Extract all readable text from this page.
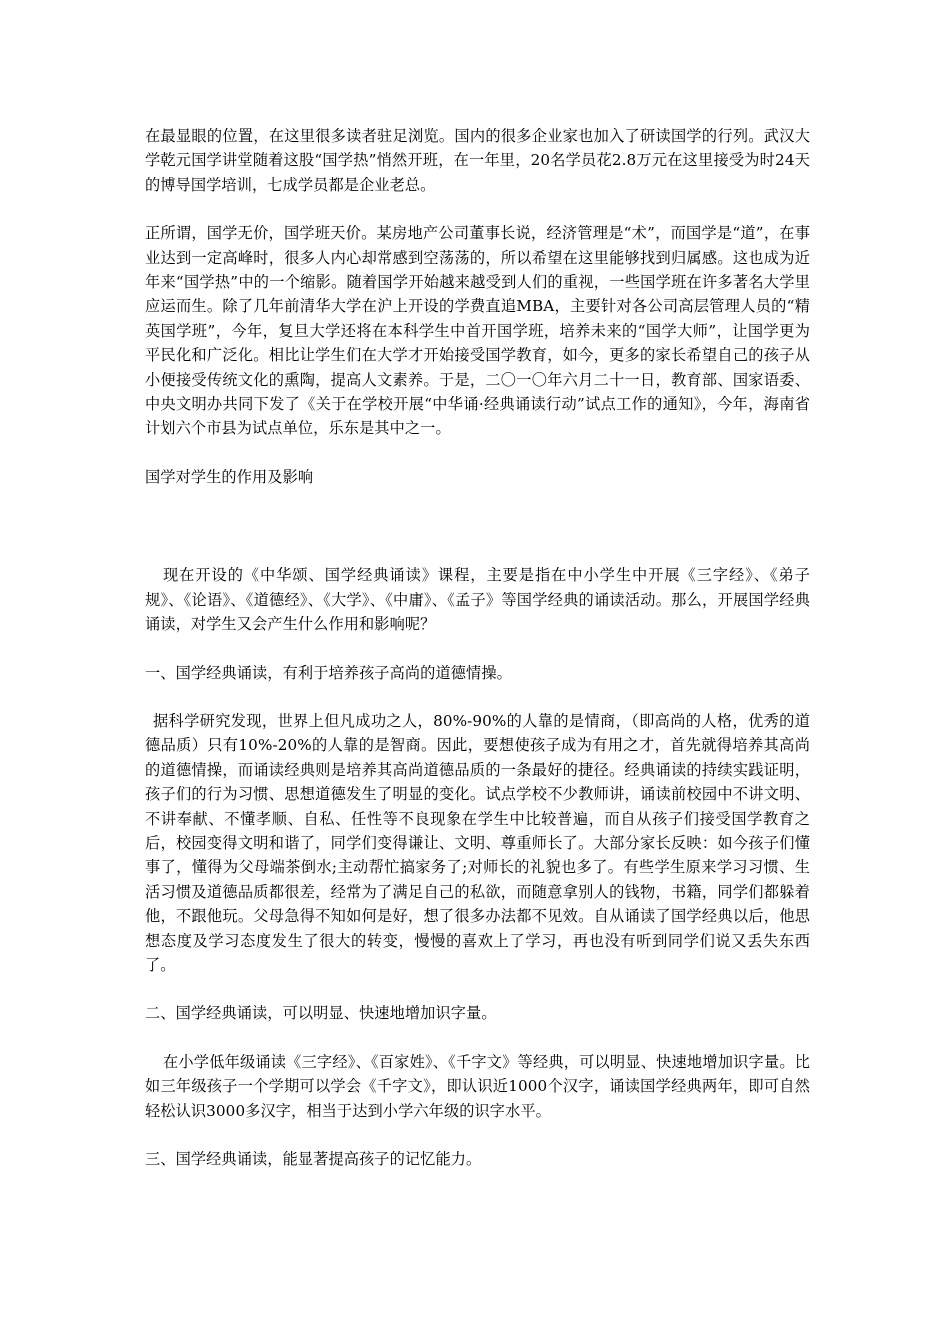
在最显眼的位置，在这里很多读者驻足浏览。国内的很多企业家也加入了研读国学的行列。武汉大学乾元国学讲堂随着这股“国学热”悄然开班，在一年里，20名学员花2.8万元在这里接受为时24天的博导国学培训，七成学员都是企业老总。

正所谓，国学无价，国学班天价。某房地产公司董事长说，经济管理是“术”，而国学是“道”，在事业达到一定高峰时，很多人内心却常感到空荡荡的，所以希望在这里能够找到归属感。这也成为近年来“国学热”中的一个缩影。随着国学开始越来越受到人们的重视，一些国学班在许多著名大学里应运而生。除了几年前清华大学在沪上开设的学费直追MBA，主要针对各公司高层管理人员的“精英国学班”，今年，复旦大学还将在本科学生中首开国学班，培养未来的“国学大师”，让国学更为平民化和广泛化。相比让学生们在大学才开始接受国学教育，如今，更多的家长希望自己的孩子从小便接受传统文化的熏陶，提高人文素养。于是，二〇一〇年六月二十一日，教育部、国家语委、中央文明办共同下发了《关于在学校开展“中华诵·经典诵读行动”试点工作的通知》，今年，海南省计划六个市县为试点单位，乐东是其中之一。

国学对学生的作用及影响

现在开设的《中华颂、国学经典诵读》课程，主要是指在中小学生中开展《三字经》、《弟子规》、《论语》、《道德经》、《大学》、《中庸》、《孟子》等国学经典的诵读活动。那么，开展国学经典诵读，对学生又会产生什么作用和影响呢？

一、国学经典诵读，有利于培养孩子高尚的道德情操。

据科学研究发现，世界上但凡成功之人，80%-90%的人靠的是情商，（即高尚的人格，优秀的道德品质）只有10%-20%的人靠的是智商。因此，要想使孩子成为有用之才，首先就得培养其高尚的道德情操，而诵读经典则是培养其高尚道德品质的一条最好的捷径。经典诵读的持续实践证明，孩子们的行为习惯、思想道德发生了明显的变化。试点学校不少教师讲，诵读前校园中不讲文明、不讲奉献、不懂孝顺、自私、任性等不良现象在学生中比较普遍，而自从孩子们接受国学教育之后，校园变得文明和谐了，同学们变得谦让、文明、尊重师长了。大部分家长反映：如今孩子们懂事了，懂得为父母端茶倒水;主动帮忙搞家务了;对师长的礼貌也多了。有些学生原来学习习惯、生活习惯及道德品质都很差，经常为了满足自己的私欲，而随意拿别人的钱物，书籍，同学们都躲着他，不跟他玩。父母急得不知如何是好，想了很多办法都不见效。自从诵读了国学经典以后，他思想态度及学习态度发生了很大的转变，慢慢的喜欢上了学习，再也没有听到同学们说又丢失东西了。

二、国学经典诵读，可以明显、快速地增加识字量。

在小学低年级诵读《三字经》、《百家姓》、《千字文》等经典，可以明显、快速地增加识字量。比如三年级孩子一个学期可以学会《千字文》，即认识近1000个汉字，诵读国学经典两年，即可自然轻松认识3000多汉字，相当于达到小学六年级的识字水平。

三、国学经典诵读，能显著提高孩子的记忆能力。
